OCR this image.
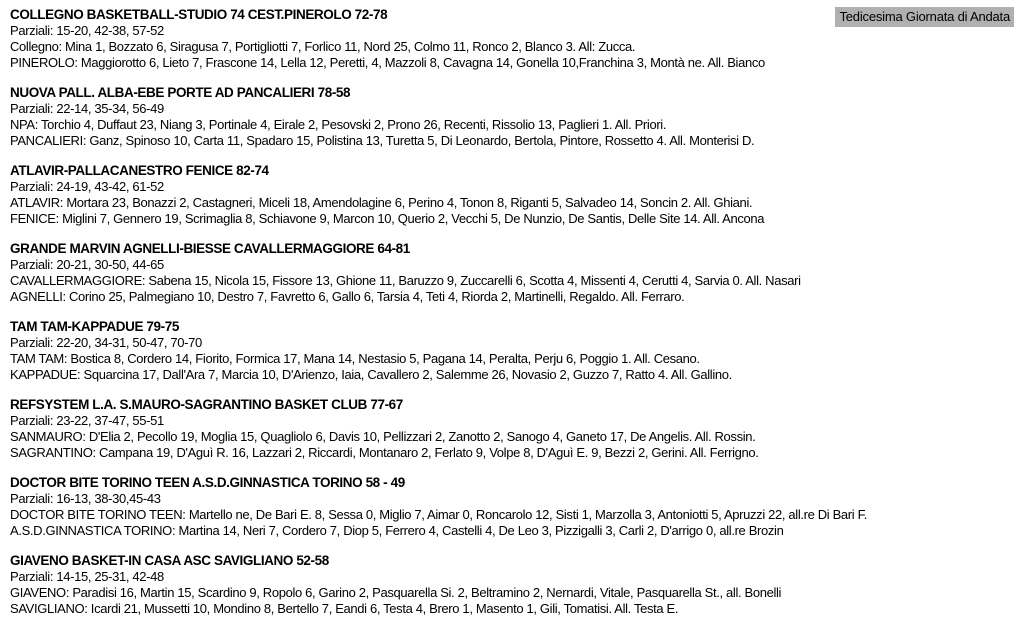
Tedicesima Giornata di Andata
COLLEGNO BASKETBALL-STUDIO 74 CEST.PINEROLO 72-78

Parziali: 15-20, 42-38, 57-52

Collegno: Mina 1, Bozzato 6, Siragusa 7, Portigliotti 7, Forlico 11, Nord 25, Colmo 11, Ronco 2, Blanco 3. All: Zucca.

PINEROLO: Maggiorotto 6, Lieto 7, Frascone 14, Lella 12, Peretti, 4, Mazzoli 8, Cavagna 14, Gonella 10,Franchina 3, Montà ne. All. Bianco

NUOVA PALL. ALBA-EBE PORTE AD PANCALIERI 78-58

Parziali: 22-14, 35-34, 56-49

NPA: Torchio 4, Duffaut 23, Niang 3, Portinale 4, Eirale 2, Pesovski 2, Prono 26, Recenti, Rissolio 13, Paglieri 1. All. Priori.

PANCALIERI: Ganz, Spinoso 10, Carta 11, Spadaro 15, Polistina 13, Turetta 5, Di Leonardo, Bertola, Pintore, Rossetto 4. All. Monterisi D.

ATLAVIR-PALLACANESTRO FENICE 82-74

Parziali: 24-19, 43-42, 61-52

ATLAVIR: Mortara 23, Bonazzi 2, Castagneri, Miceli 18, Amendolagine 6, Perino 4, Tonon 8, Riganti 5, Salvadeo 14, Soncin 2. All. Ghiani.

FENICE: Miglini 7, Gennero 19, Scrimaglia 8, Schiavone 9, Marcon 10, Querio 2, Vecchi 5, De Nunzio, De Santis, Delle Site 14. All. Ancona

GRANDE MARVIN AGNELLI-BIESSE CAVALLERMAGGIORE 64-81

Parziali: 20-21, 30-50, 44-65

CAVALLERMAGGIORE: Sabena 15, Nicola 15, Fissore 13, Ghione 11, Baruzzo 9, Zuccarelli 6, Scotta 4, Missenti 4, Cerutti 4, Sarvia 0. All. Nasari

AGNELLI: Corino 25, Palmegiano 10, Destro 7, Favretto 6, Gallo 6, Tarsia 4, Teti 4, Riorda 2, Martinelli, Regaldo. All. Ferraro.

TAM TAM-KAPPADUE 79-75

Parziali: 22-20, 34-31, 50-47, 70-70

TAM TAM: Bostica 8, Cordero 14, Fiorito, Formica 17, Mana 14, Nestasio 5, Pagana 14, Peralta, Perju 6, Poggio 1. All. Cesano.

KAPPADUE: Squarcina 17, Dall'Ara 7, Marcia 10, D'Arienzo, Iaia, Cavallero 2, Salemme 26, Novasio 2, Guzzo 7, Ratto 4. All. Gallino.

REFSYSTEM L.A. S.MAURO-SAGRANTINO BASKET CLUB 77-67

Parziali: 23-22, 37-47, 55-51

SANMAURO: D'Elia 2, Pecollo 19, Moglia 15, Quagliolo 6, Davis 10, Pellizzari 2, Zanotto 2, Sanogo 4, Ganeto 17, De Angelis. All. Rossin.

SAGRANTINO: Campana 19, D'Aguì R. 16, Lazzari 2, Riccardi, Montanaro 2, Ferlato 9, Volpe 8, D'Aguì E. 9, Bezzi 2, Gerini. All. Ferrigno.

DOCTOR BITE TORINO TEEN A.S.D.GINNASTICA TORINO 58 - 49

Parziali: 16-13, 38-30,45-43

DOCTOR BITE TORINO TEEN: Martello ne, De Bari E. 8, Sessa 0, Miglio 7, Aimar 0, Roncarolo 12, Sisti 1, Marzolla 3, Antoniotti 5, Apruzzi 22, all.re Di Bari F.

A.S.D.GINNASTICA TORINO: Martina 14, Neri 7, Cordero 7, Diop 5, Ferrero 4, Castelli 4, De Leo 3, Pizzigalli 3, Carli 2, D'arrigo 0, all.re Brozin

GIAVENO BASKET-IN CASA ASC SAVIGLIANO 52-58

Parziali: 14-15, 25-31, 42-48

GIAVENO: Paradisi 16, Martin 15, Scardino 9, Ropolo 6, Garino 2, Pasquarella Si. 2, Beltramino 2, Nernardi, Vitale, Pasquarella St., all. Bonelli

SAVIGLIANO: Icardi 21, Mussetti 10, Mondino 8, Bertello 7, Eandi 6, Testa 4, Brero 1, Masento 1, Gili, Tomatisi. All. Testa E.
